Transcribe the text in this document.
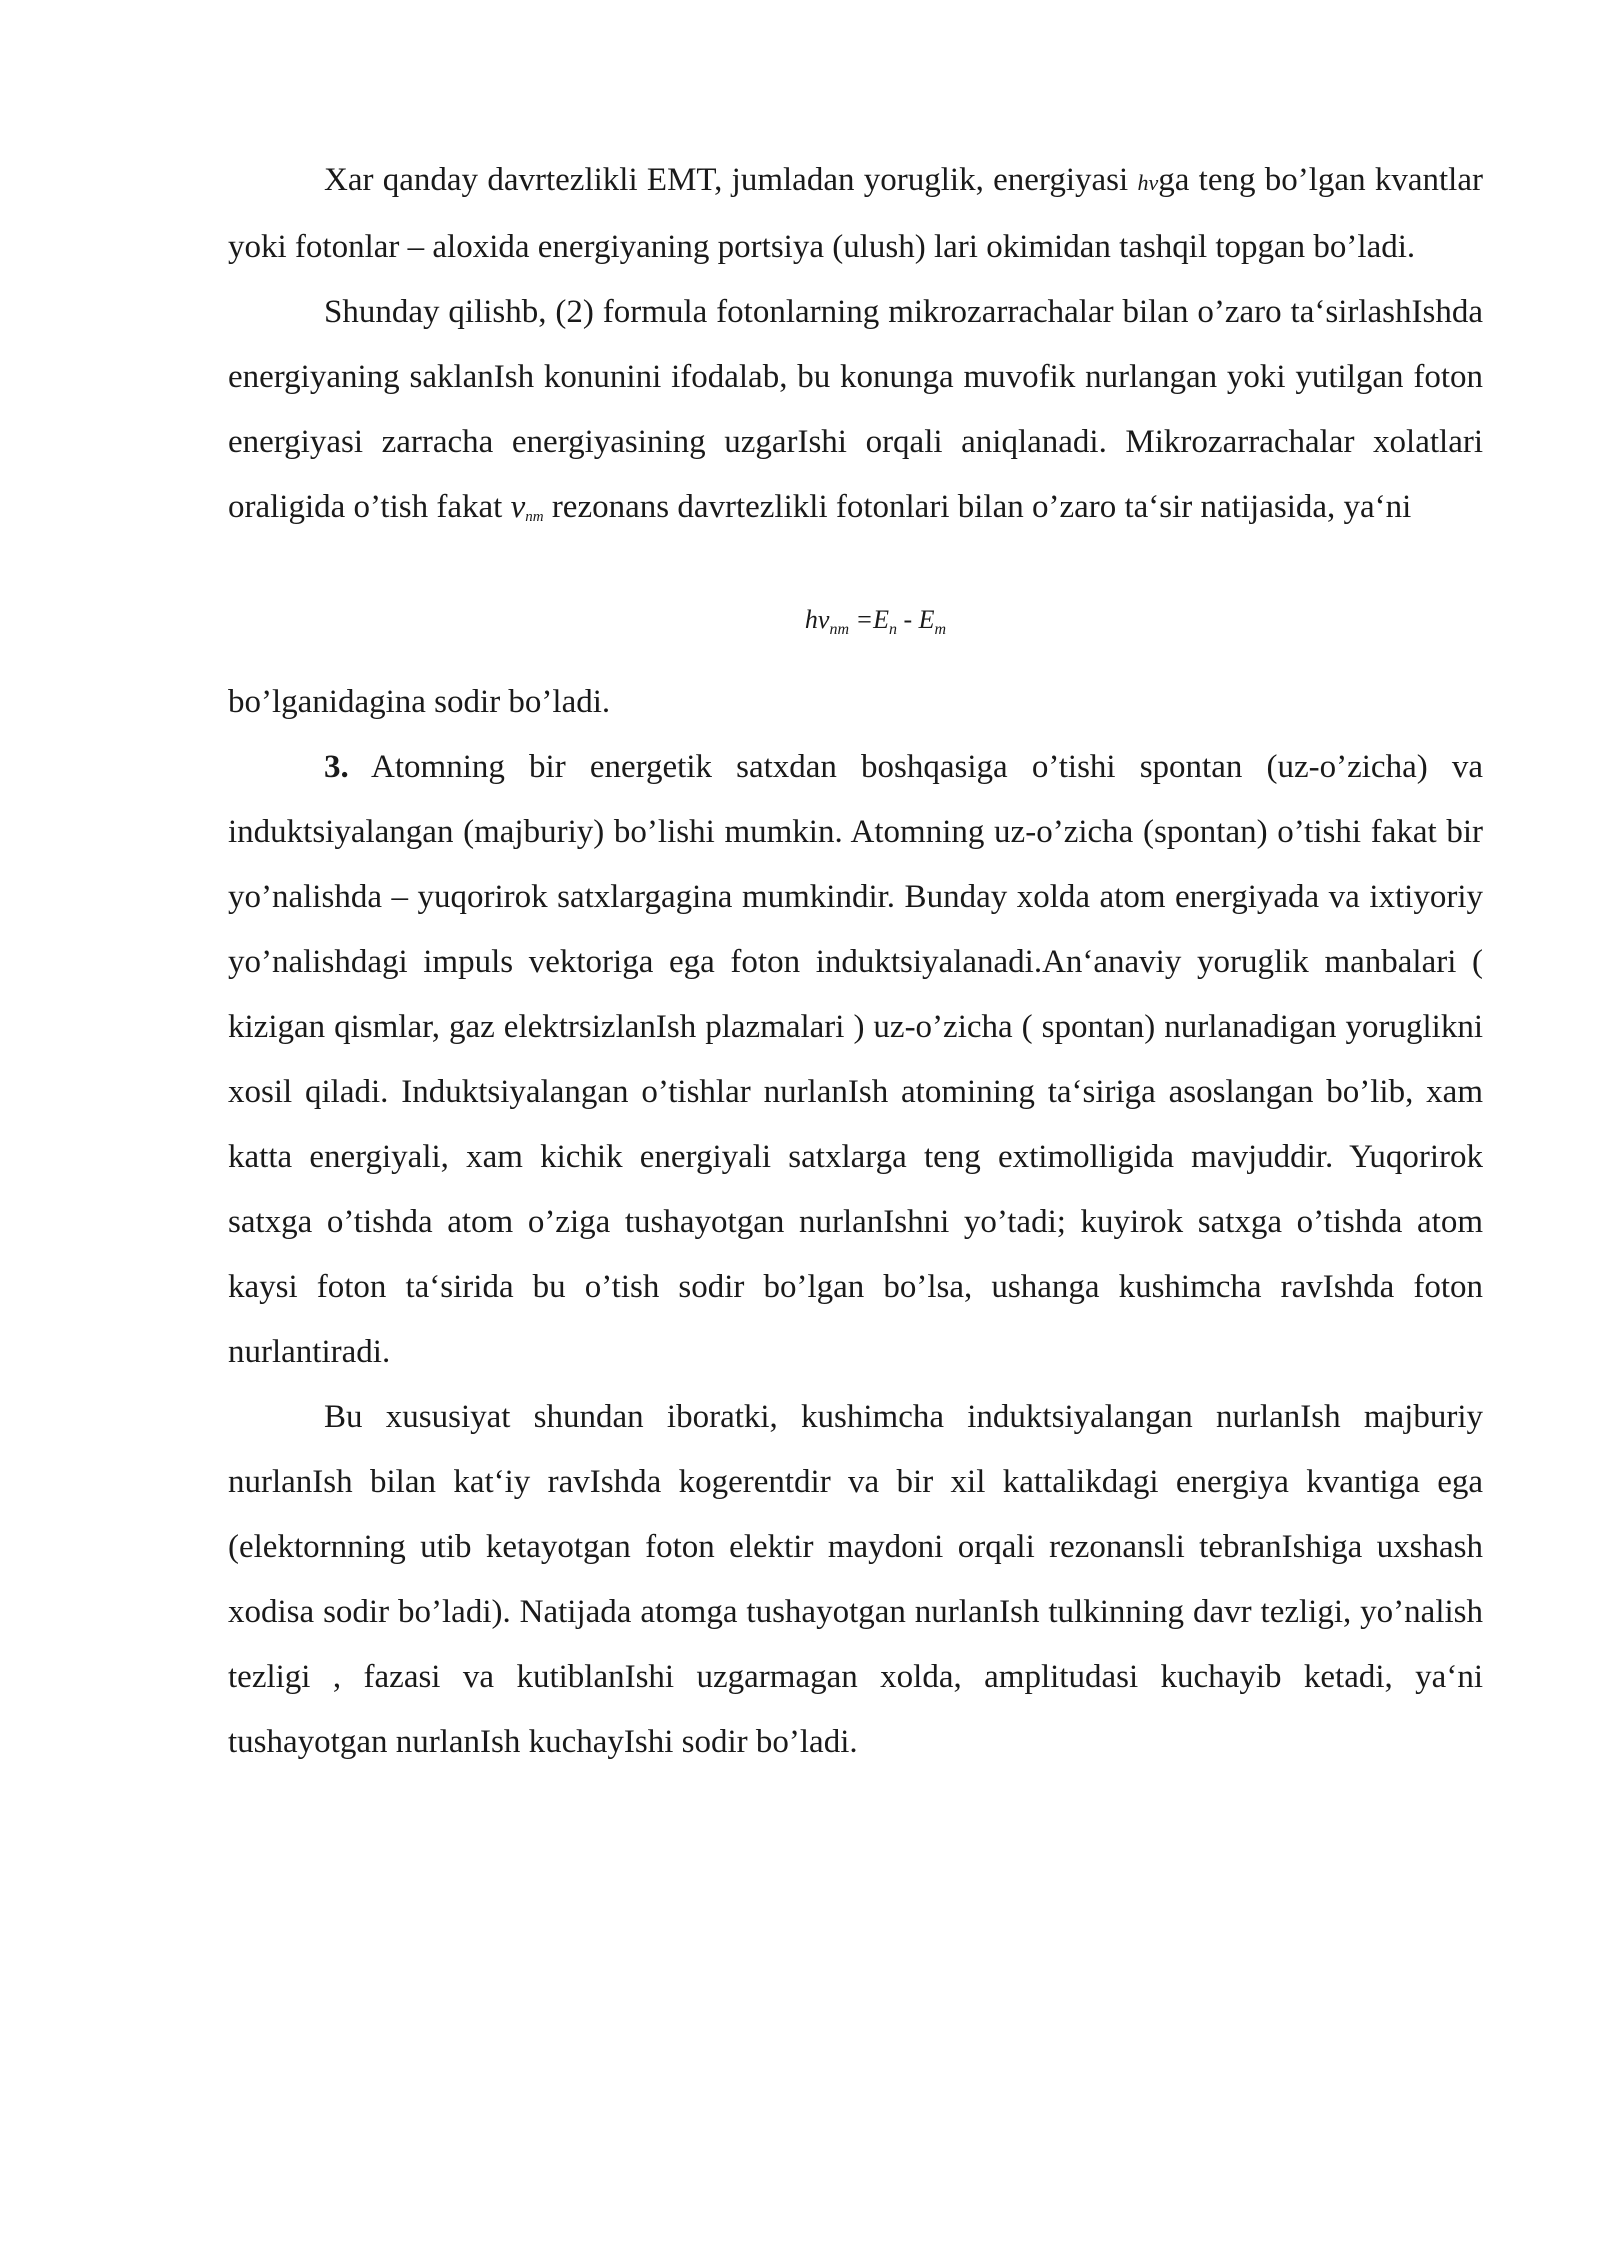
Xar qanday davrtezlikli EMT, jumladan yoruglik, energiyasi hνga teng bo’lgan kvantlar yoki fotonlar – aloxida energiyaning portsiya (ulush) lari okimidan tashqil topgan bo’ladi.

Shunday qilishb, (2) formula fotonlarning mikrozarrachalar bilan o’zaro ta‘sirlashIshda energiyaning saklanIsh konunini ifodalab, bu konunga muvofik nurlangan yoki yutilgan foton energiyasi zarracha energiyasining uzgarIshi orqali aniqlanadi. Mikrozarrachalar xolatlari oraligida o’tish fakat $\nu_{nm}$ rezonans davrtezlikli fotonlari bilan o’zaro ta‘sir natijasida, ya‘ni

$h\nu_{nm} =E_n - E_m$

bo’lganidagina sodir bo’ladi.

3. Atomning bir energetik satxdan boshqasiga o’tishi spontan (uz-o’zicha) va induktsiyalangan (majburiy) bo’lishi mumkin. Atomning uz-o’zicha (spontan) o’tishi fakat bir yo’nalishda – yuqorirok satxlargagina mumkindir. Bunday xolda atom energiyada va ixtiyoriy yo’nalishdagi impuls vektoriga ega foton induktsiyalanadi.An‘anaviy yoruglik manbalari ( kizigan qismlar, gaz elektrsizlanIsh plazmalari ) uz-o’zicha ( spontan) nurlanadigan yoruglikni xosil qiladi. Induktsiyalangan o’tishlar nurlanIsh atomining ta‘siriga asoslangan bo’lib, xam katta energiyali, xam kichik energiyali satxlarga teng extimolligida mavjuddir. Yuqorirok satxga o’tishda atom o’ziga tushayotgan nurlanIshni yo’tadi; kuyirok satxga o’tishda atom kaysi foton ta‘sirida bu o’tish sodir bo’lgan bo’lsa, ushanga kushimcha ravIshda foton nurlantiradi.

Bu xususiyat shundan iboratki, kushimcha induktsiyalangan nurlanIsh majburiy nurlanIsh bilan kat‘iy ravIshda kogerentdir va bir xil kattalikdagi energiya kvantiga ega (elektornning utib ketayotgan foton elektir maydoni orqali rezonansli tebranIshiga uxshash xodisa sodir bo’ladi). Natijada atomga tushayotgan nurlanIsh tulkinning davr tezligi, yo’nalish tezligi , fazasi va kutiblanIshi uzgarmagan xolda, amplitudasi kuchayib ketadi, ya‘ni tushayotgan nurlanIsh kuchayIshi sodir bo’ladi.
